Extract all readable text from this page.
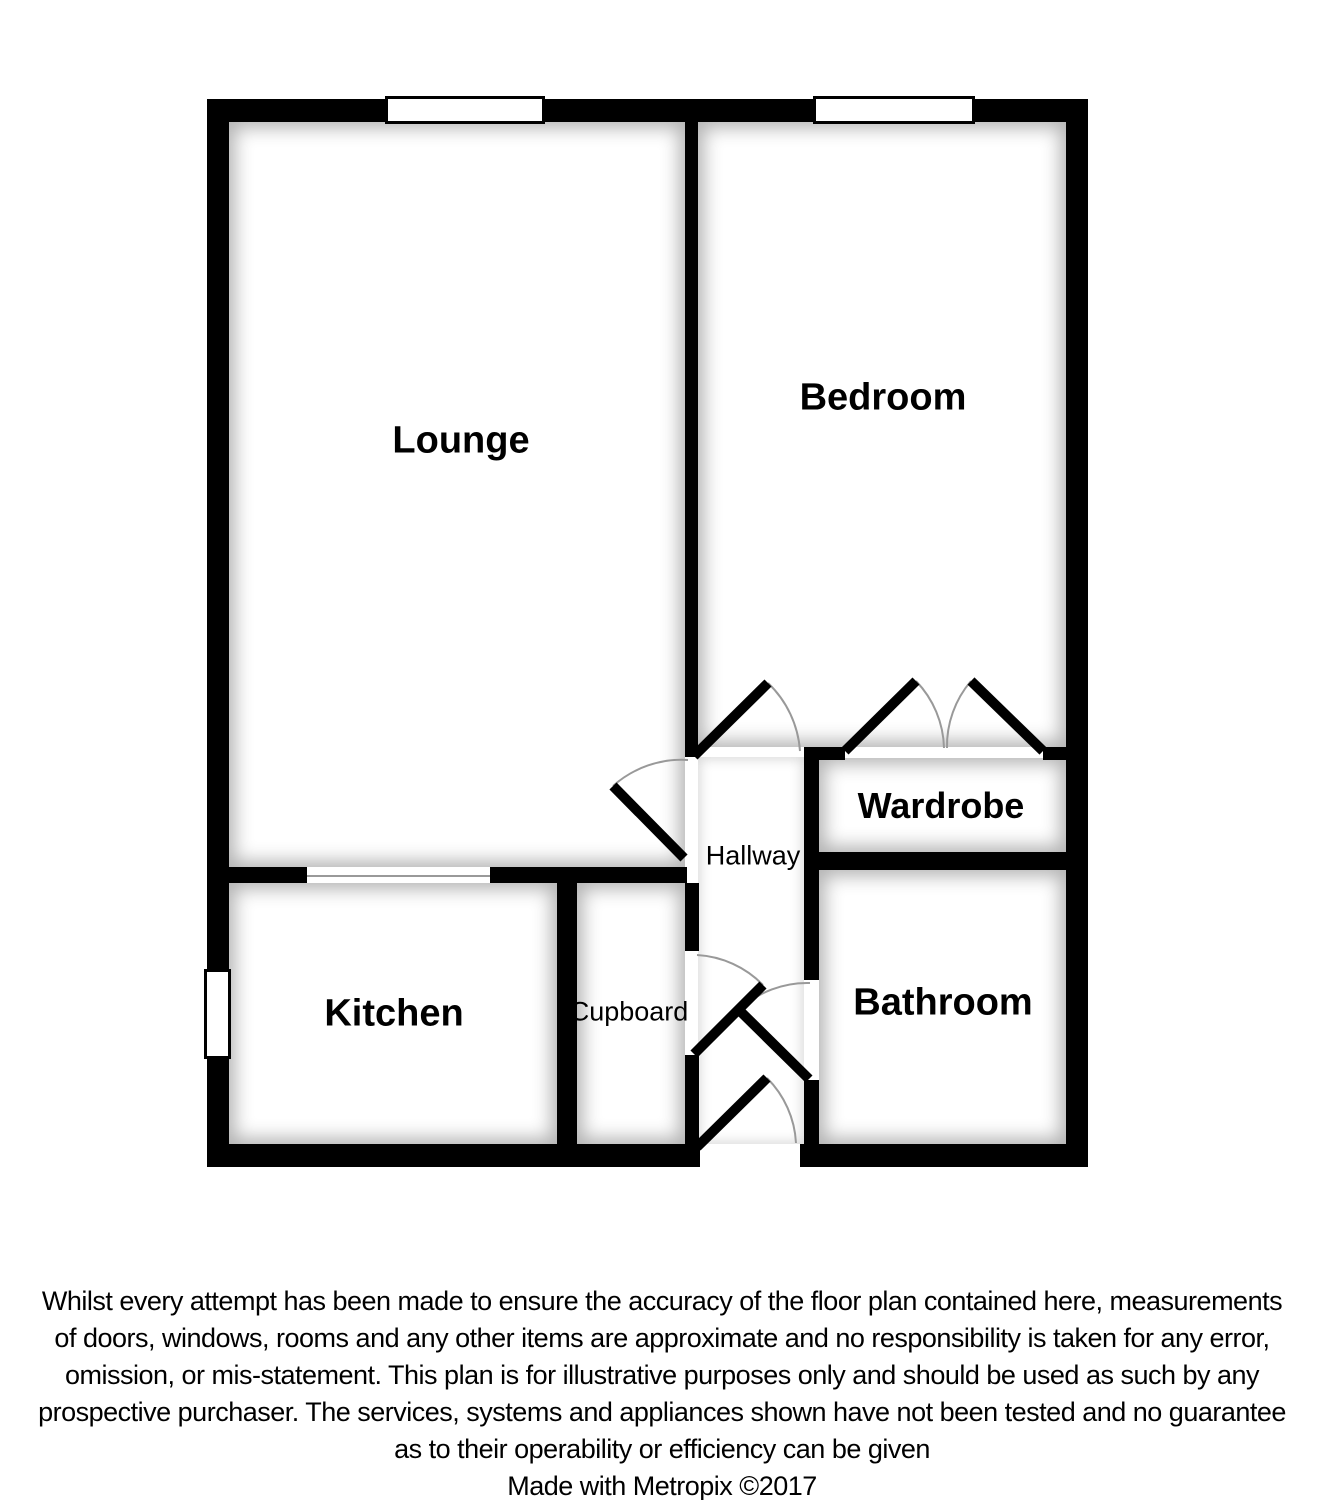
Lounge
Bedroom
Wardrobe
Hallway
Kitchen	Cupboard	Bathroom
Whilst every attempt has been made to ensure the accuracy of the floor plan contained here, measurements
of doors, windows, rooms and any other items are approximate and no responsibility is taken for any error,
omission, or mis-statement. This plan is for illustrative purposes only and should be used as such by any
prospective purchaser. The services, systems and appliances shown have not been tested and no guarantee
as to their operability or efficiency can be given
Made with Metropix ©2017
